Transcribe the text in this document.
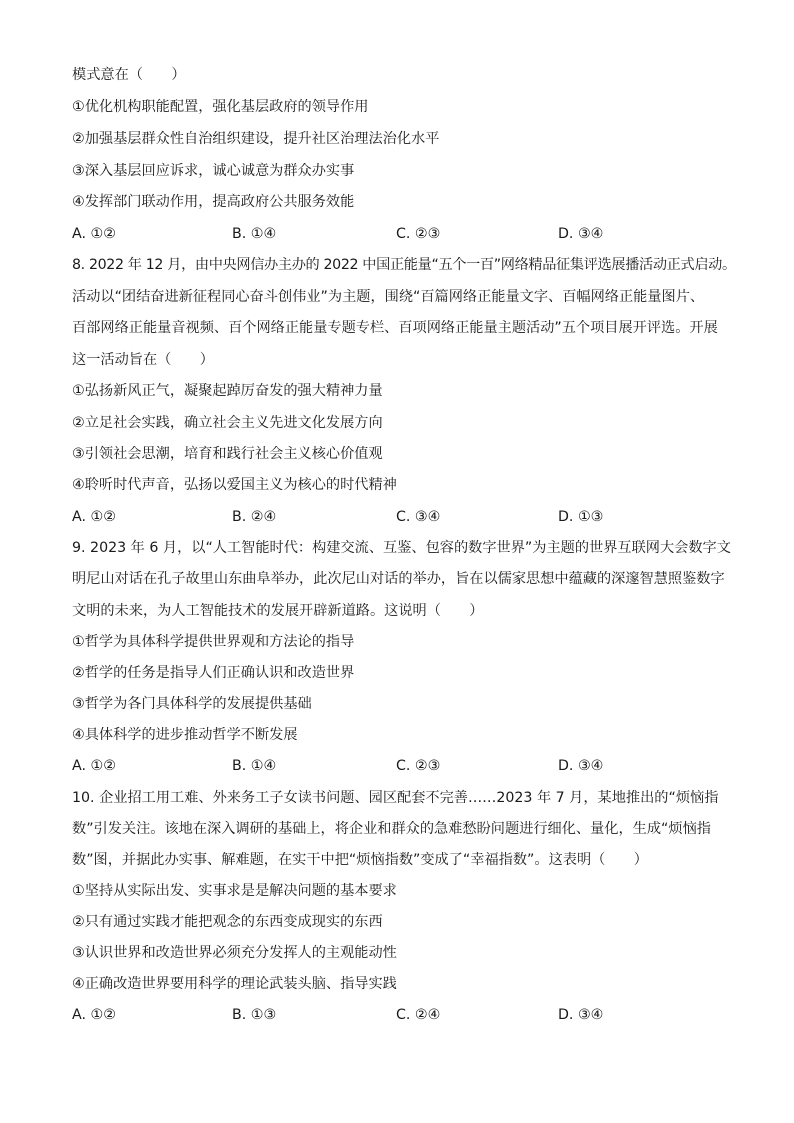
模式意在（　　）
①优化机构职能配置，强化基层政府的领导作用
②加强基层群众性自治组织建设，提升社区治理法治化水平
③深入基层回应诉求，诚心诚意为群众办实事
④发挥部门联动作用，提高政府公共服务效能
A. ①②	B. ①④	C. ②③	D. ③④
8. 2022 年 12 月，由中央网信办主办的 2022 中国正能量“五个一百”网络精品征集评选展播活动正式启动。
活动以“团结奋进新征程同心奋斗创伟业”为主题，围绕“百篇网络正能量文字、百幅网络正能量图片、
百部网络正能量音视频、百个网络正能量专题专栏、百项网络正能量主题活动”五个项目展开评选。开展
这一活动旨在（　　）
①弘扬新风正气，凝聚起踔厉奋发的强大精神力量
②立足社会实践，确立社会主义先进文化发展方向
③引领社会思潮，培育和践行社会主义核心价值观
④聆听时代声音，弘扬以爱国主义为核心的时代精神
A. ①②	B. ②④	C. ③④	D. ①③
9. 2023 年 6 月，以“人工智能时代：构建交流、互鉴、包容的数字世界”为主题的世界互联网大会数字文
明尼山对话在孔子故里山东曲阜举办，此次尼山对话的举办，旨在以儒家思想中蕴藏的深邃智慧照鉴数字
文明的未来，为人工智能技术的发展开辟新道路。这说明（　　）
①哲学为具体科学提供世界观和方法论的指导
②哲学的任务是指导人们正确认识和改造世界
③哲学为各门具体科学的发展提供基础
④具体科学的进步推动哲学不断发展
A. ①②	B. ①④	C. ②③	D. ③④
10. 企业招工用工难、外来务工子女读书问题、园区配套不完善……2023 年 7 月，某地推出的“烦恼指
数”引发关注。该地在深入调研的基础上，将企业和群众的急难愁盼问题进行细化、量化，生成“烦恼指
数”图，并据此办实事、解难题，在实干中把“烦恼指数”变成了“幸福指数”。这表明（　　）
①坚持从实际出发、实事求是是解决问题的基本要求
②只有通过实践才能把观念的东西变成现实的东西
③认识世界和改造世界必须充分发挥人的主观能动性
④正确改造世界要用科学的理论武装头脑、指导实践
A. ①②	B. ①③	C. ②④	D. ③④
